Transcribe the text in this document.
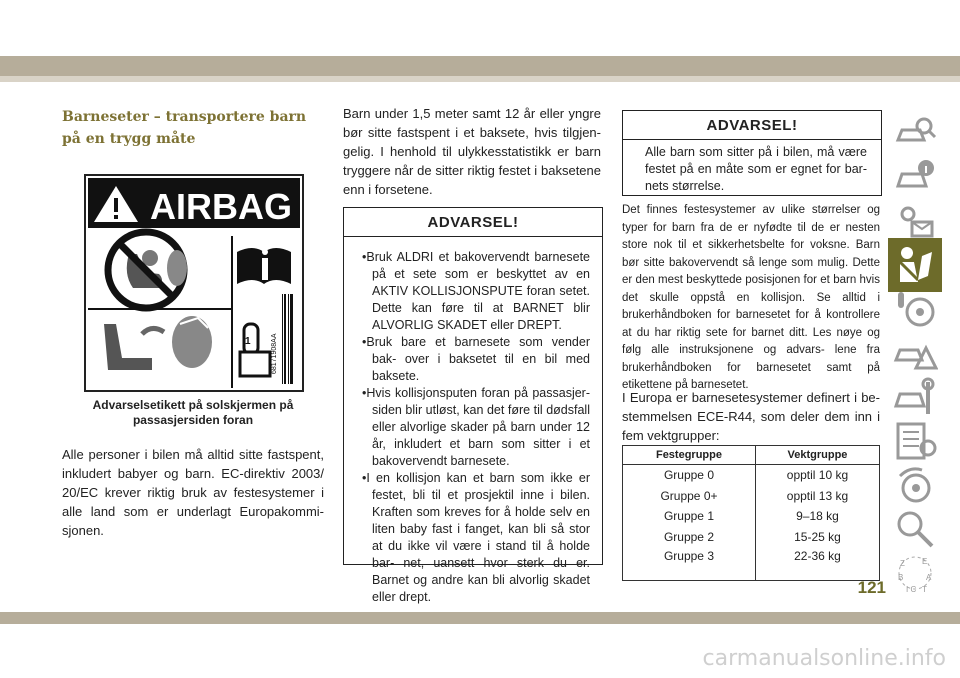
Barneseter – transportere barn på en trygg måte
AIRBAG
1	68171908AA
Advarselsetikett på solskjermen på passasjersiden foran
Alle personer i bilen må alltid sitte fastspent, inkludert babyer og barn. EC-direktiv 2003/ 20/EC krever riktig bruk av festesystemer i alle land som er underlagt Europakommi- sjonen.
Barn under 1,5 meter samt 12 år eller yngre bør sitte fastspent i et baksete, hvis tilgjen- gelig. I henhold til ulykkesstatistikk er barn tryggere når de sitter riktig festet i baksetene enn i forsetene.
ADVARSEL!
• Bruk ALDRI et bakovervendt barnesete på et sete som er beskyttet av en AKTIV KOLLISJONSPUTE foran setet. Dette kan føre til at BARNET blir ALVORLIG SKADET eller DREPT.
• Bruk bare et barnesete som vender bak- over i baksetet til en bil med baksete.
• Hvis kollisjonsputen foran på passasjer- siden blir utløst, kan det føre til dødsfall eller alvorlige skader på barn under 12 år, inkludert et barn som sitter i et bakovervendt barnesete.
• I en kollisjon kan et barn som ikke er festet, bli til et prosjektil inne i bilen. Kraften som kreves for å holde selv en liten baby fast i fanget, kan bli så stor at du ikke vil være i stand til å holde bar- net, uansett hvor sterk du er. Barnet og andre kan bli alvorlig skadet eller drept.
ADVARSEL!
Alle barn som sitter på i bilen, må være festet på en måte som er egnet for bar- nets størrelse.
Det finnes festesystemer av ulike størrelser og typer for barn fra de er nyfødte til de er nesten store nok til et sikkerhetsbelte for voksne. Barn bør sitte bakovervendt så lenge som mulig. Dette er den mest beskyttede posisjonen for et barn hvis det skulle oppstå en kollisjon. Se alltid i brukerhåndboken for barnesetet for å kontrollere at du har riktig sete for barnet ditt. Les nøye og følg alle instruksjonene og advars- lene fra brukerhåndboken for barnesetet samt på etikettene på barnesetet.
I Europa er barnesetesystemer definert i be- stemmelsen ECE-R44, som deler dem inn i fem vektgrupper:
Festegruppe	Vektgruppe
Gruppe 0	opptil 10 kg
Gruppe 0+	opptil 13 kg
Gruppe 1	9–18 kg
Gruppe 2	15-25 kg
Gruppe 3	22-36 kg
Z E
B	A
I C T
121
carmanualsonline.info
